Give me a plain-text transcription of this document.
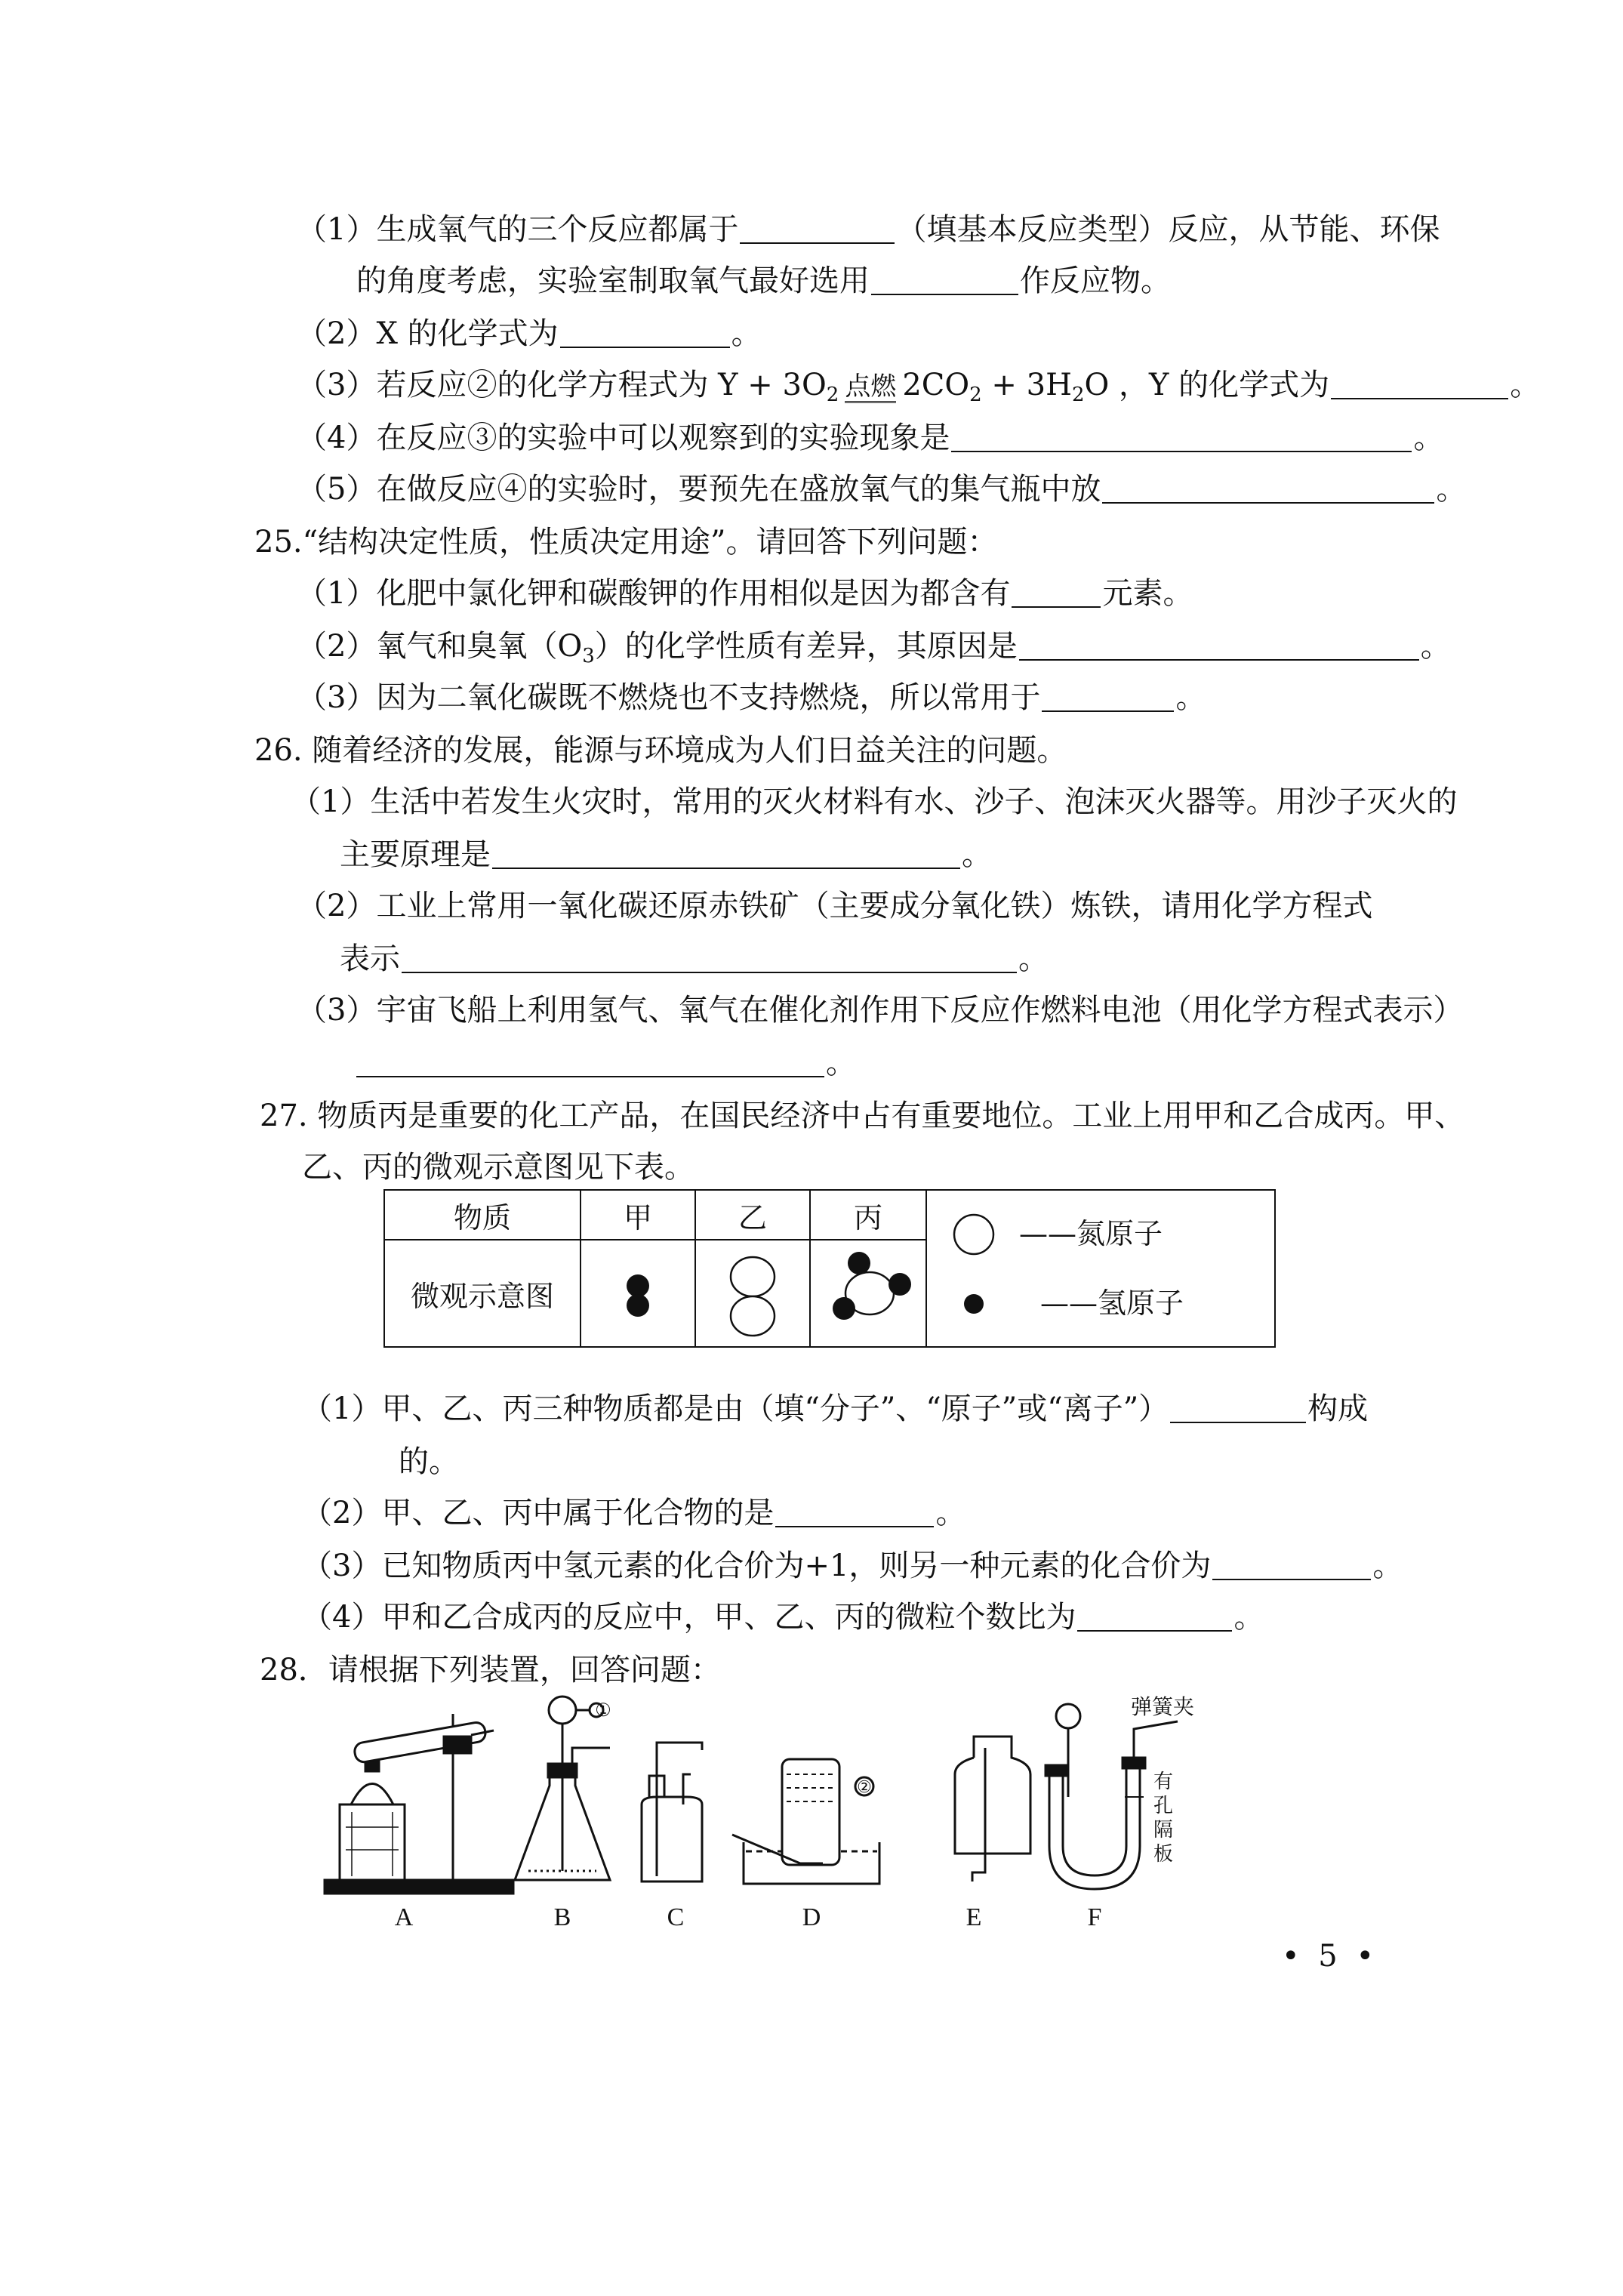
（1）生成氧气的三个反应都属于	（填基本反应类型）反应，从节能、环保
的角度考虑，实验室制取氧气最好选用	作反应物。
（2）X 的化学式为	。
（3）若反应②的化学方程式为 $Y + 3O_2$ 点燃 $2CO_2 + 3H_2O$ ，Y 的化学式为	。
（4）在反应③的实验中可以观察到的实验现象是	。
（5）在做反应④的实验时，要预先在盛放氧气的集气瓶中放	。
25.“结构决定性质，性质决定用途”。请回答下列问题：
（1）化肥中氯化钾和碳酸钾的作用相似是因为都含有	元素。
（2）氧气和臭氧$(O_3)$的化学性质有差异，其原因是	。
（3）因为二氧化碳既不燃烧也不支持燃烧，所以常用于	。
26. 随着经济的发展，能源与环境成为人们日益关注的问题。
（1）生活中若发生火灾时，常用的灭火材料有水、沙子、泡沫灭火器等。用沙子灭火的
主要原理是	。
（2）工业上常用一氧化碳还原赤铁矿（主要成分氧化铁）炼铁，请用化学方程式
表示	。
（3）宇宙飞船上利用氢气、氧气在催化剂作用下反应作燃料电池（用化学方程式表示）
。
27. 物质丙是重要的化工产品，在国民经济中占有重要地位。工业上用甲和乙合成丙。甲、
乙、丙的微观示意图见下表。
物质	甲	乙	丙	——氮原子
——氢原子

微观示意图	

（1）甲、乙、丙三种物质都是由（填“分子”、“原子”或“离子”）	构成
的。
（2）甲、乙、丙中属于化合物的是	。
（3）已知物质丙中氢元素的化合价为+1，则另一种元素的化合价为	。
（4）甲和乙合成丙的反应中，甲、乙、丙的微粒个数比为	。
28．请根据下列装置，回答问题：
①
②
弹簧夹
有
孔
隔
板
A	B	C	D	E	F
• 5 •
